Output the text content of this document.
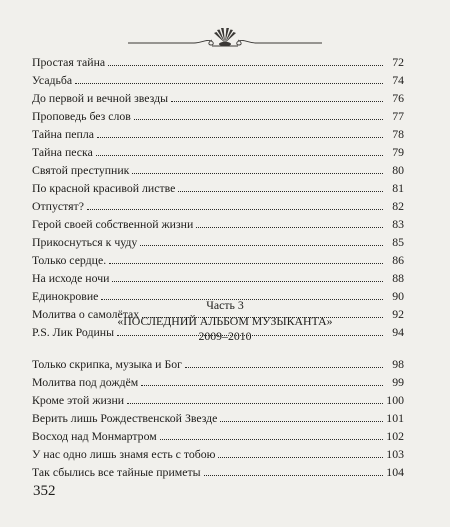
Простая тайна	72
Усадьба	74
До первой и вечной звезды	76
Проповедь без слов	77
Тайна пепла	78
Тайна песка	79
Святой преступник	80
По красной красивой листве	81
Отпустят?	82
Герой своей собственной жизни	83
Прикоснуться к чуду	85
Только сердце.	86
На исходе ночи	88
Единокровие	90
Молитва о самолётах	92
P.S. Лик Родины	94
Часть 3
«ПОСЛЕДНИЙ АЛЬБОМ МУЗЫКАНТА»
2009–2010
Только скрипка, музыка и Бог	98
Молитва под дождём	99
Кроме этой жизни	100
Верить лишь Рождественской Звезде	101
Восход над Монмартром	102
У нас одно лишь знамя есть с тобою	103
Так сбылись все тайные приметы	104
352
